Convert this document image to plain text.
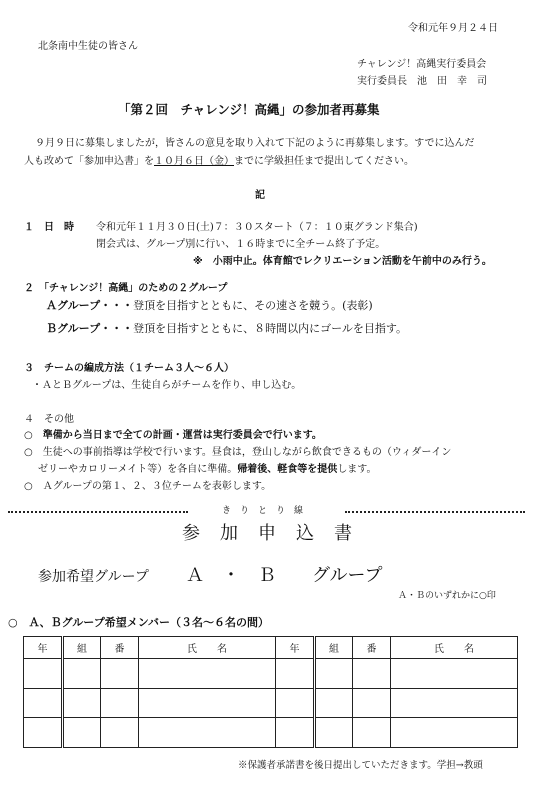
令和元年９月２４日
北条南中生徒の皆さん
チャレンジ！高縄実行委員会
実行委員長　池　田　幸　司
「第２回　チャレンジ！高縄」の参加者再募集
９月９日に募集しましたが，皆さんの意見を取り入れて下記のように再募集します。すでに込んだ
人も改めて「参加申込書」を１０月６日（金）までに学級担任まで提出してください。
記
１　日　時 令和元年１１月３０日(土)７：３０スタート（７：１０東グランド集合)
閉会式は、グループ別に行い、１６時までに全チーム終了予定。
※　小雨中止。体育館でレクリエーション活動を午前中のみ行う。
２　「チャレンジ！高縄」のための２グループ
Ａグループ・・・登頂を目指すとともに、その速さを競う。(表彰)
Ｂグループ・・・登頂を目指すとともに、８時間以内にゴールを目指す。
３　チームの編成方法（１チーム３人～６人）
・ＡとＢグループは、生徒自らがチームを作り、申し込む。
４　その他
○　準備から当日まで全ての計画・運営は実行委員会で行います。
○　生徒への事前指導は学校で行います。昼食は，登山しながら飲食できるもの（ウィダーイン
ゼリーやカロリーメイト等）を各自に準備。帰着後、軽食等を提供します。
○　Ａグループの第１、２、３位チームを表彰します。
き　り　と　り　線
参　加　申　込　書
参加希望グループ Ａ　・　Ｂ　　グループ
Ａ・Ｂのいずれかに○印
○　Ａ、Ｂグループ希望メンバー（３名～６名の間）
年	組	番	氏　　名	年	組	番	氏　　名

※保護者承諾書を後日提出していただきます。学担→教頭
